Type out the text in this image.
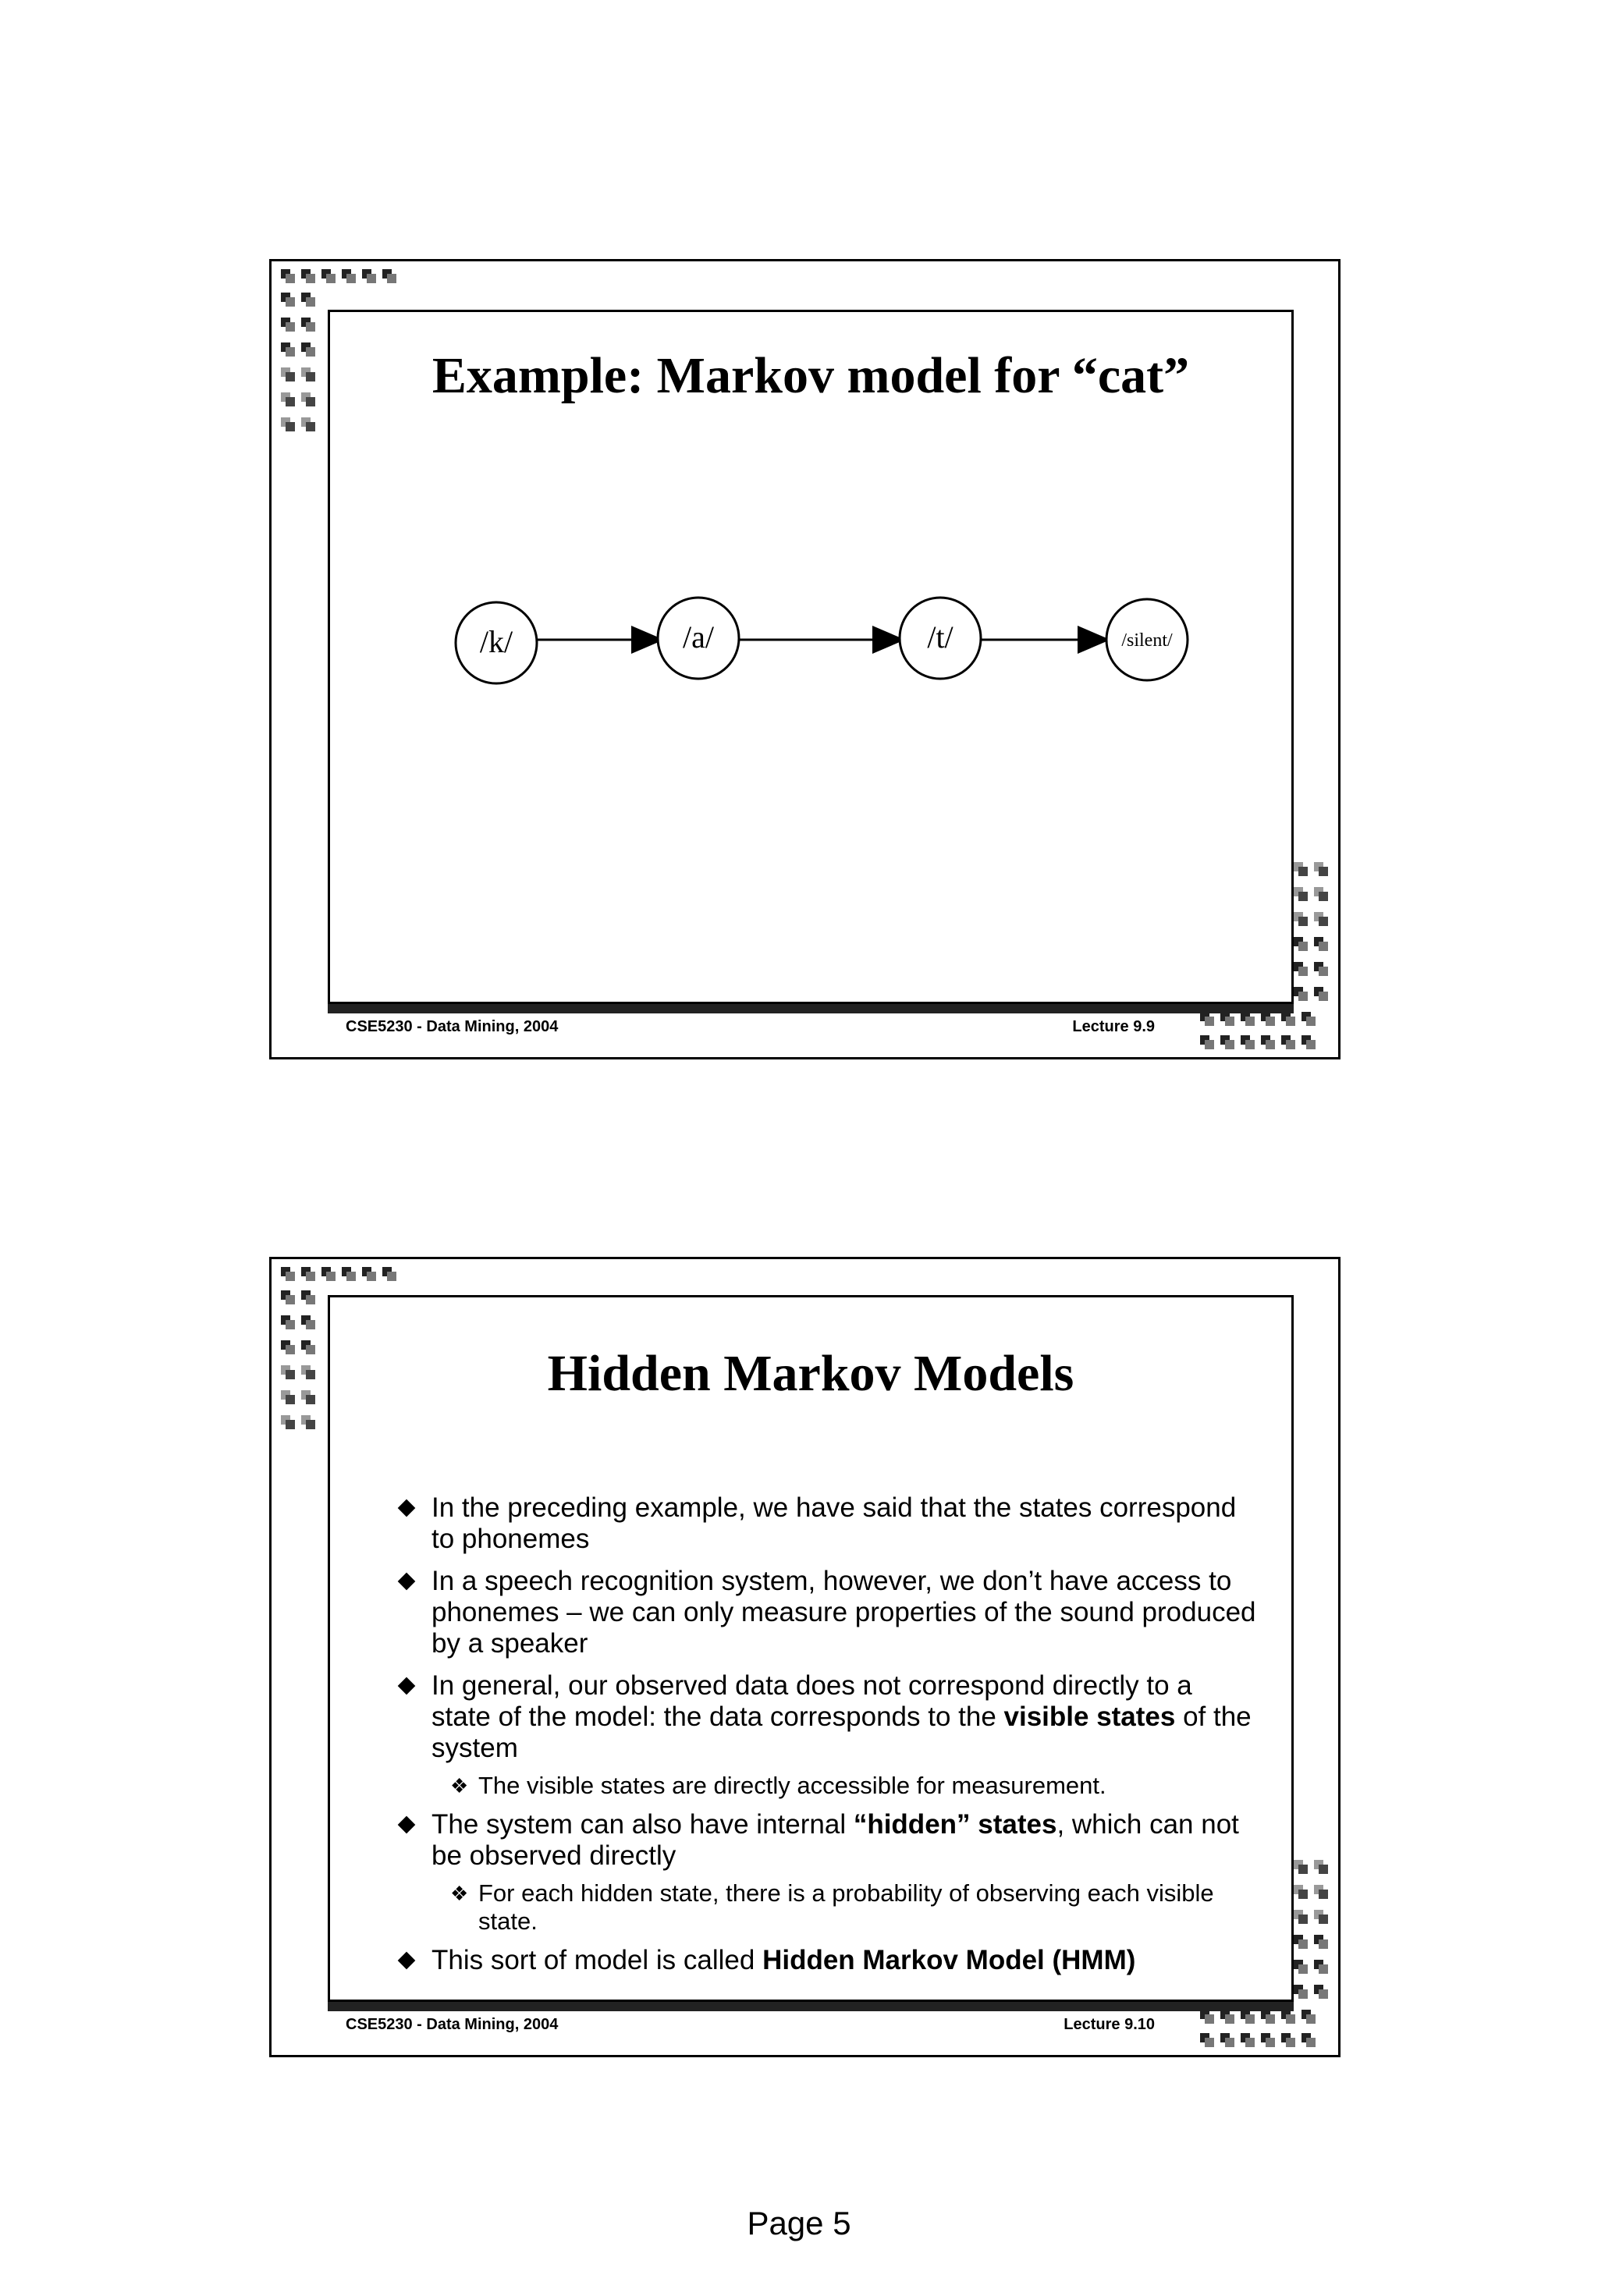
Example: Markov model for “cat”
/k/	/a/	/t/	/silent/
CSE5230 - Data Mining, 2004	Lecture 9.9
Hidden Markov Models
In the preceding example, we have said that the states correspond to phonemes
In a speech recognition system, however, we don’t have access to phonemes – we can only measure properties of the sound produced by a speaker
In general, our observed data does not correspond directly to a state of the model: the data corresponds to the visible states of the system
❖ The visible states are directly accessible for measurement.
The system can also have internal “hidden” states, which can not be observed directly
❖ For each hidden state, there is a probability of observing each visible state.
This sort of model is called Hidden Markov Model (HMM)
CSE5230 - Data Mining, 2004	Lecture 9.10
Page 5
